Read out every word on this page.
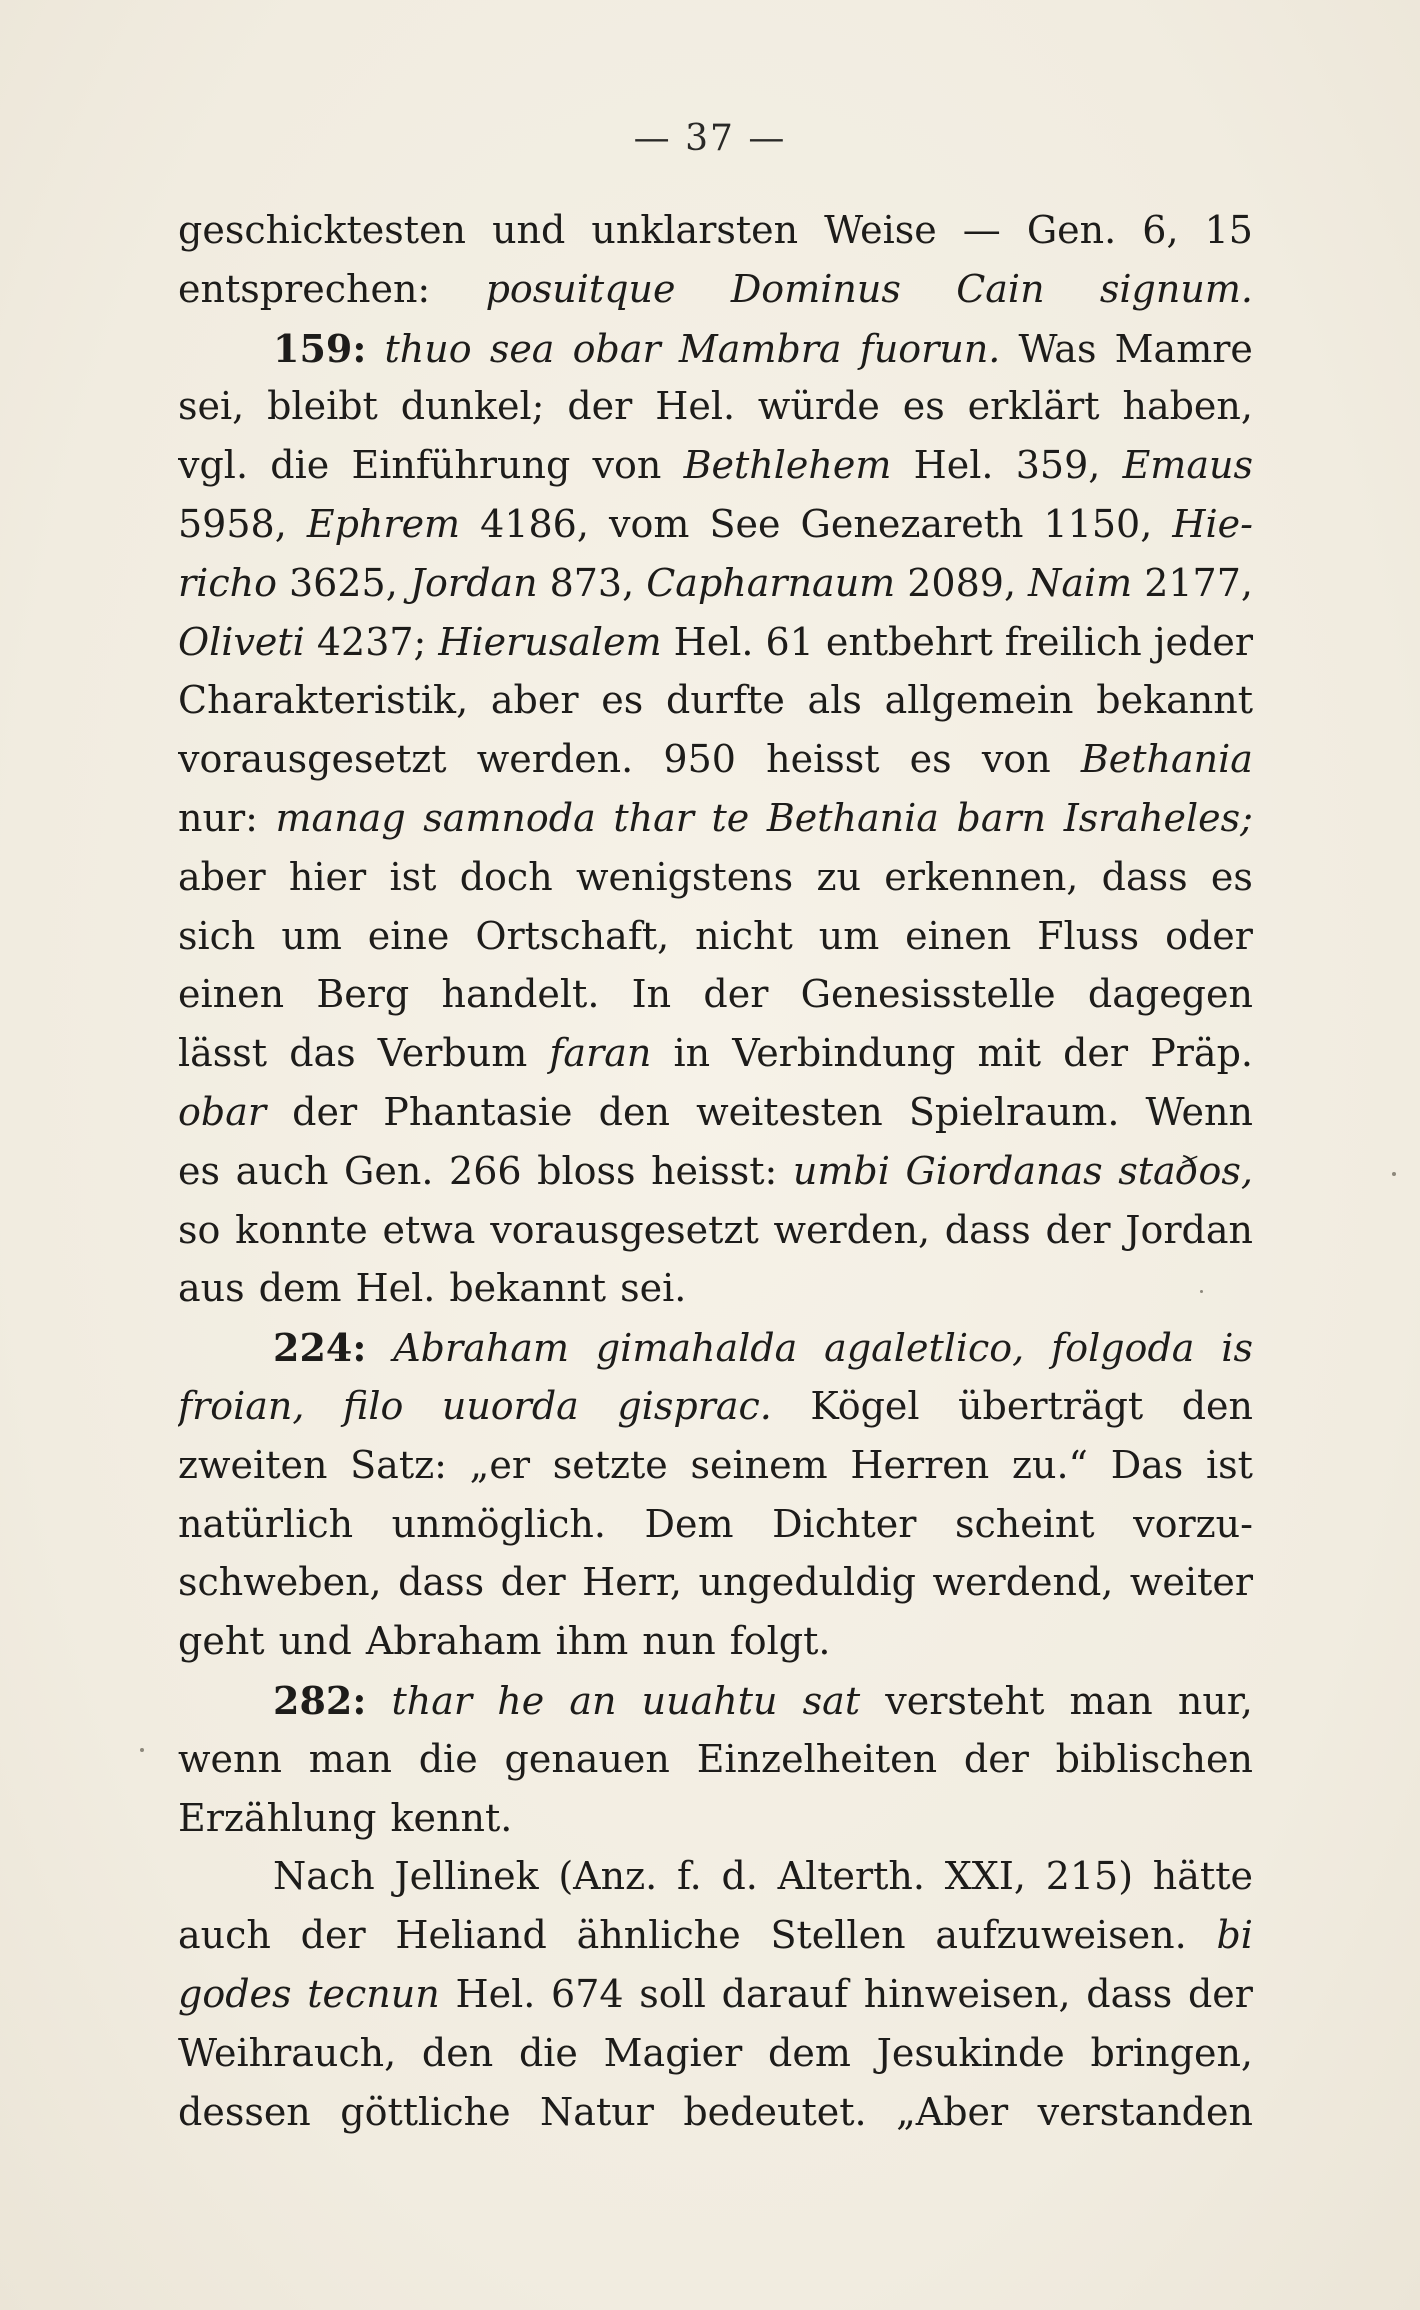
— 37 —
geschicktesten und unklarsten Weise — Gen. 6, 15
entsprechen: posuitque Dominus Cain signum.
159: thuo sea obar Mambra fuorun. Was Mamre
sei, bleibt dunkel; der Hel. würde es erklärt haben,
vgl. die Einführung von Bethlehem Hel. 359, Emaus
5958, Ephrem 4186, vom See Genezareth 1150, Hie-
richo 3625, Jordan 873, Capharnaum 2089, Naim 2177,
Oliveti 4237; Hierusalem Hel. 61 entbehrt freilich jeder
Charakteristik, aber es durfte als allgemein bekannt
vorausgesetzt werden. 950 heisst es von Bethania
nur: manag samnoda thar te Bethania barn Israheles;
aber hier ist doch wenigstens zu erkennen, dass es
sich um eine Ortschaft, nicht um einen Fluss oder
einen Berg handelt. In der Genesisstelle dagegen
lässt das Verbum faran in Verbindung mit der Präp.
obar der Phantasie den weitesten Spielraum. Wenn
es auch Gen. 266 bloss heisst: umbi Giordanas staðos,
so konnte etwa vorausgesetzt werden, dass der Jordan
aus dem Hel. bekannt sei.
224: Abraham gimahalda agaletlico, folgoda is
froian, filo uuorda gisprac. Kögel überträgt den
zweiten Satz: „er setzte seinem Herren zu.“ Das ist
natürlich unmöglich. Dem Dichter scheint vorzu-
schweben, dass der Herr, ungeduldig werdend, weiter
geht und Abraham ihm nun folgt.
282: thar he an uuahtu sat versteht man nur,
wenn man die genauen Einzelheiten der biblischen
Erzählung kennt.
Nach Jellinek (Anz. f. d. Alterth. XXI, 215) hätte
auch der Heliand ähnliche Stellen aufzuweisen. bi
godes tecnun Hel. 674 soll darauf hinweisen, dass der
Weihrauch, den die Magier dem Jesukinde bringen,
dessen göttliche Natur bedeutet. „Aber verstanden
